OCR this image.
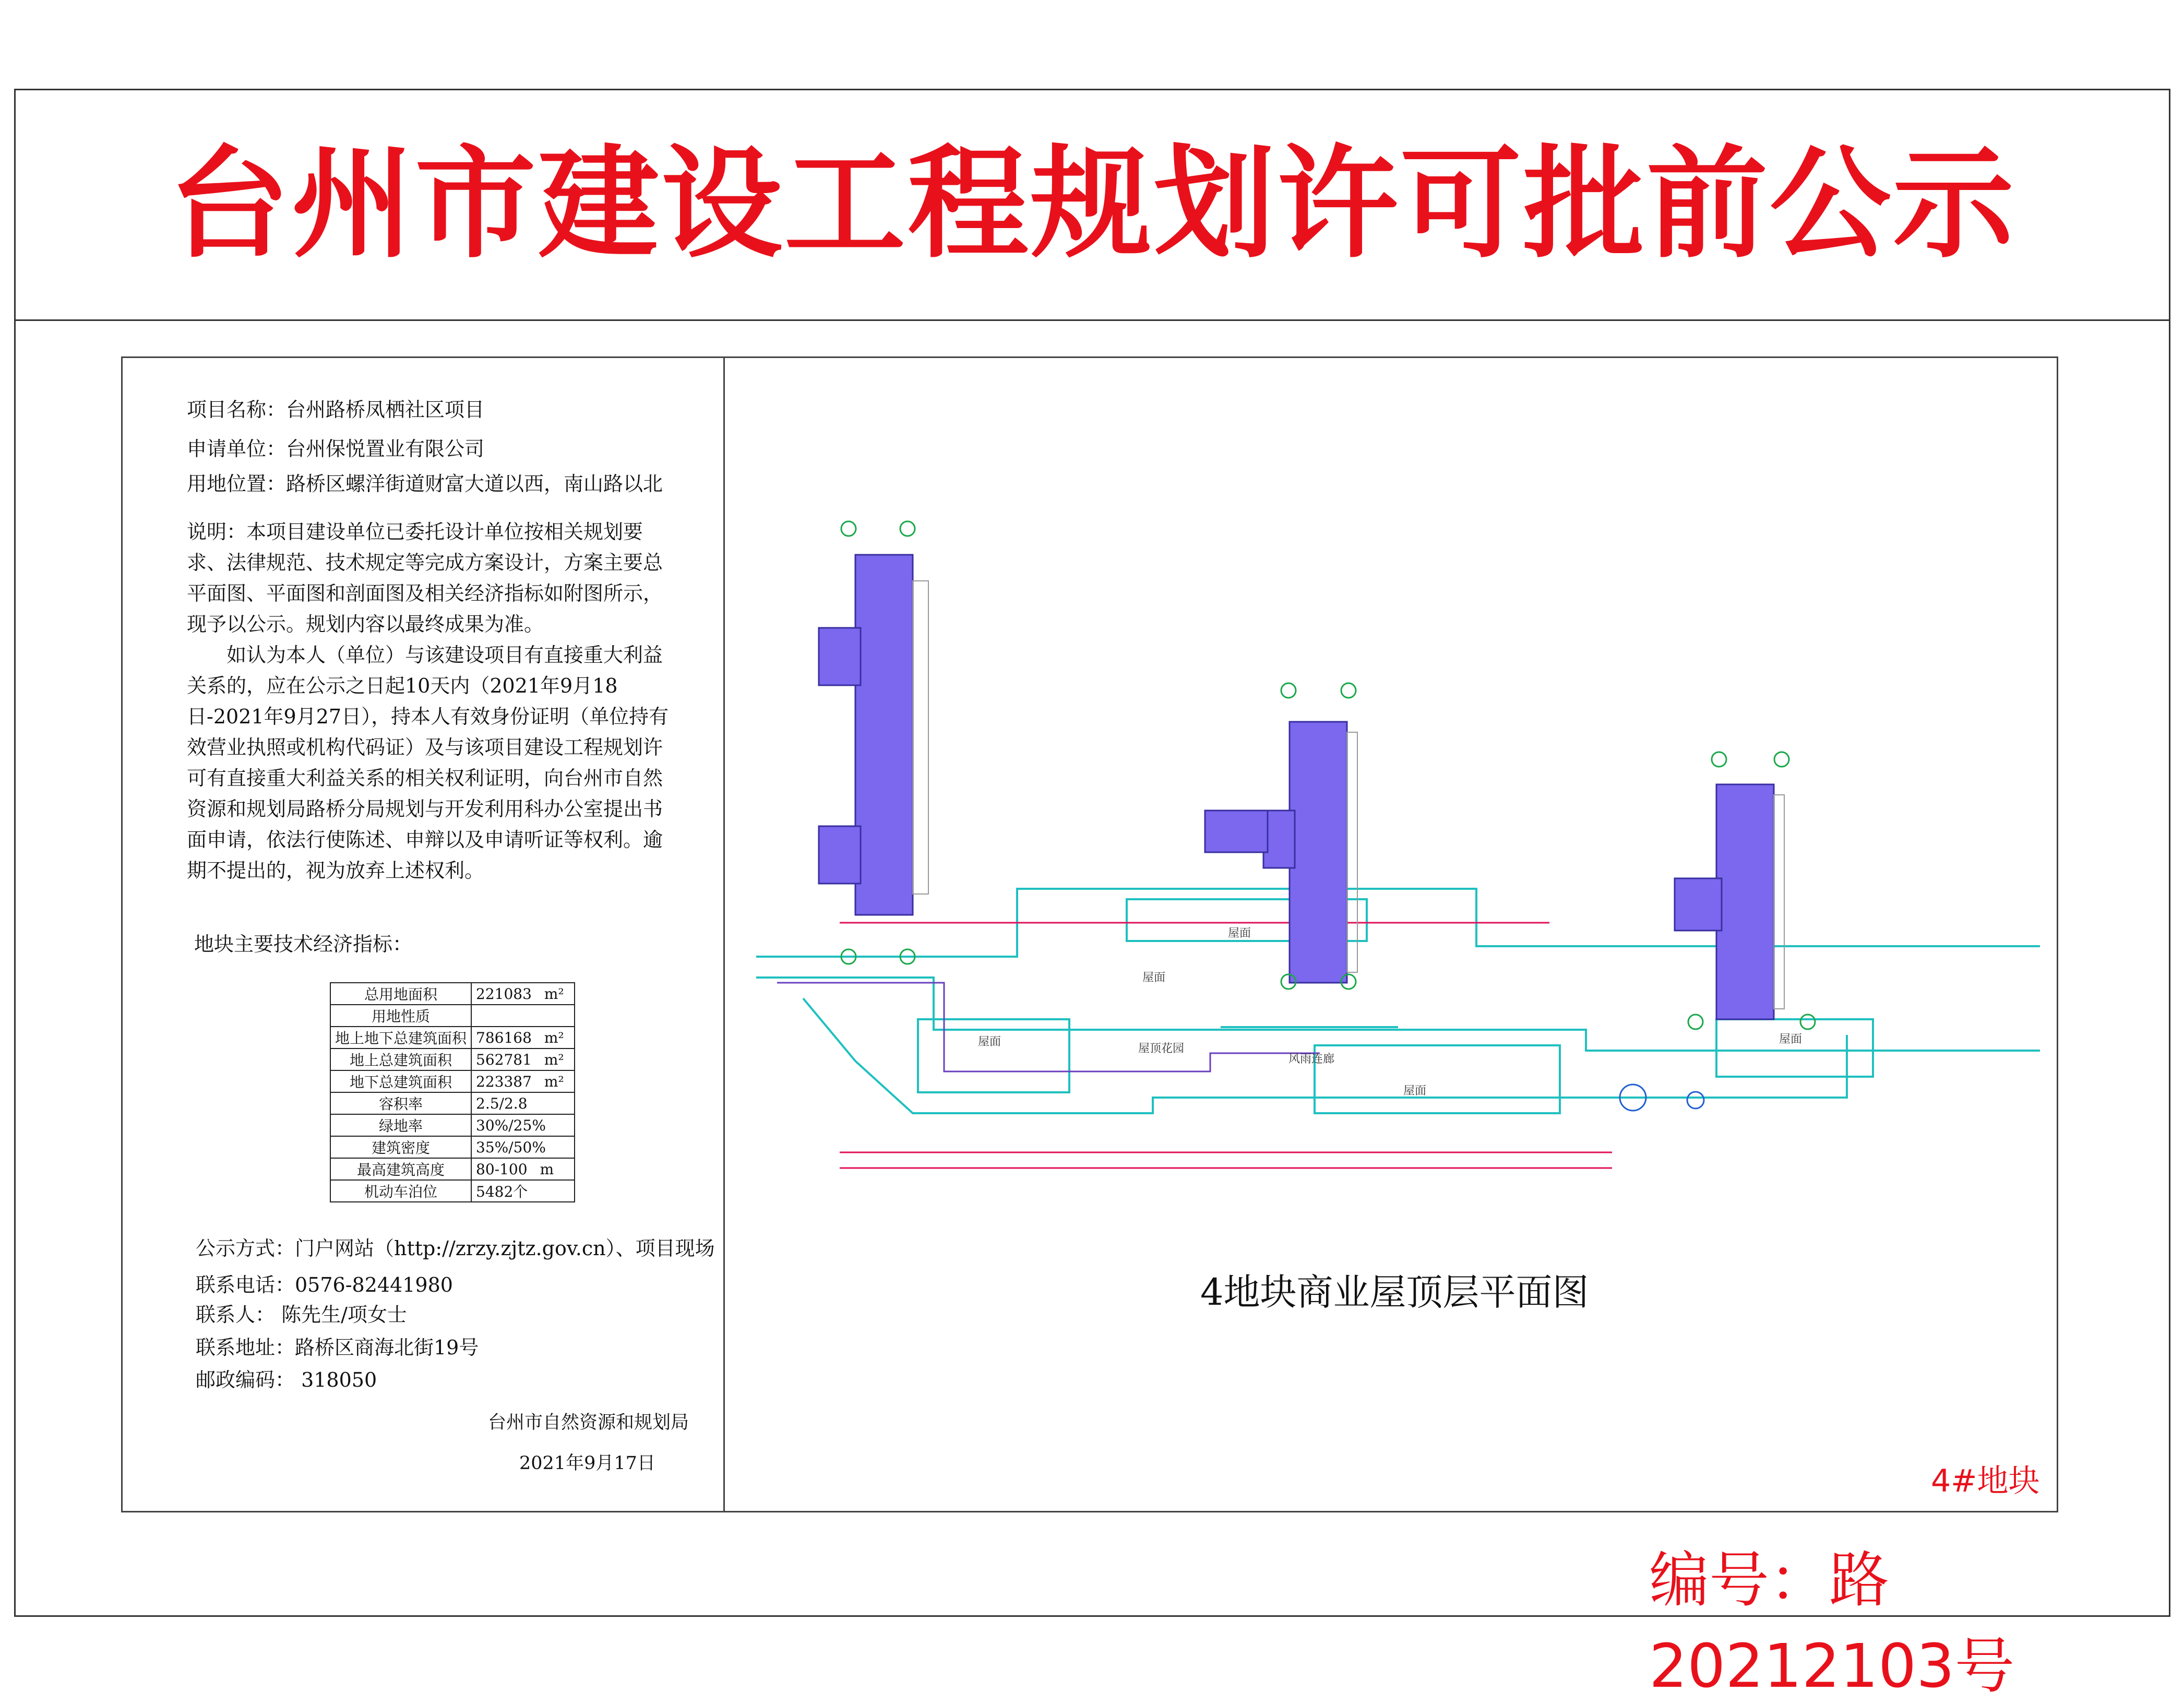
台州市建设工程规划许可批前公示
项目名称：台州路桥凤栖社区项目
申请单位：台州保悦置业有限公司
用地位置：路桥区螺洋街道财富大道以西，南山路以北

说明：本项目建设单位已委托设计单位按相关规划要求、法律规范、技术规定等完成方案设计，方案主要总平面图、平面图和剖面图及相关经济指标如附图所示，现予以公示。规划内容以最终成果为准。

如认为本人（单位）与该建设项目有直接重大利益关系的，应在公示之日起10天内（2021年9月18日-2021年9月27日），持本人有效身份证明（单位持有效营业执照或机构代码证）及与该项目建设工程规划许可有直接重大利益关系的相关权利证明，向台州市自然资源和规划局路桥分局规划与开发利用科办公室提出书面申请，依法行使陈述、申辩以及申请听证等权利。逾期不提出的，视为放弃上述权利。

地块主要技术经济指标：
总用地面积	221083 m²
用地性质	
地上地下总建筑面积	786168 m²
地上总建筑面积	562781 m²
地下总建筑面积	223387 m²
容积率	2.5/2.8
绿地率	30%/25%
建筑密度	35%/50%
最高建筑高度	80-100 m
机动车泊位	5482个
公示方式：门户网站（http://zrzy.zjtz.gov.cn）、项目现场
联系电话：0576-82441980
联系人： 陈先生/项女士
联系地址：路桥区商海北街19号
邮政编码： 318050
台州市自然资源和规划局
2021年9月17日
屋面
屋面
屋面
屋面
屋面
屋顶花园
风雨连廊
4地块商业屋顶层平面图
4#地块
编号：路20212103号
